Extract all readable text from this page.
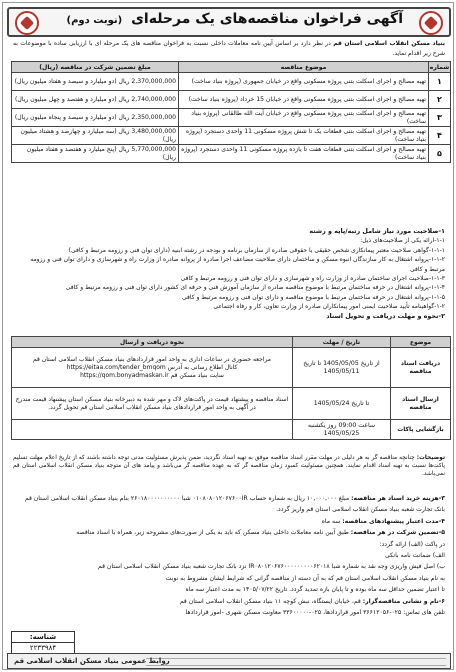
آگهی فراخوان مناقصه‌های یک مرحله‌ای (نوبت دوم)
بنیاد مسکن انقلاب اسلامی استان قم در نظر دارد بر اساس آیین نامه معاملات داخلی نسبت به فراخوان مناقصه های یک مرحله ای با ارزیابی ساده با موضوعات به شرح زیر اقدام نماید.
شماره	موضوع مناقصه	مبلغ تضمین شرکت در مناقصه (ریال)
۱	تهیه مصالح و اجرای اسکلت بتنی پروژه مسکونی واقع در خیابان جمهوری (پروژه بنیاد ساخت)	2,370,000,000 ریال (دو میلیارد و سیصد و هفتاد میلیون ریال)
۲	تهیه مصالح و اجرای اسکلت بتنی پروژه مسکونی واقع در خیابان 15 خرداد (پروژه بنیاد ساخت)	2,740,000,000 ریال (دو میلیارد و هفتصد و چهل میلیون ریال)
۳	تهیه مصالح و اجرای اسکلت بتنی پروژه مسکونی واقع در خیابان آیت الله طالقانی (پروژه بنیاد ساخت)	2,350,000,000 ریال (دو میلیارد و سیصد و پنجاه میلیون ریال)
۴	تهیه مصالح و اجرای اسکلت بتنی قطعات یک تا شش پروژه مسکونی 11 واحدی دستجرد (پروژه بنیاد ساخت)	3,480,000,000 ریال (سه میلیارد و چهارصد و هشتاد میلیون ریال)
۵	تهیه مصالح و اجرای اسکلت بتنی قطعات هفت تا یازده پروژه مسکونی 11 واحدی دستجرد (پروژه بنیاد ساخت)	5,770,000,000 ریال (پنج میلیارد و هفتصد و هفتاد میلیون ریال)
۱-صلاحیت مورد نیاز شامل رتبه/پایه و رشته
۱-۱-ارائه یکی از صلاحیت‌های ذیل:
۱-۱-۱-گواهی صلاحیت معتبر پیمانکاری شخص حقیقی یا حقوقی صادره از سازمان برنامه و بودجه در رشته ابنیه (دارای توان فنی و رزومه مرتبط و کافی)
۱-۱-۲-پروانه اشتغال به کار سازندگان انبوه مسکن و ساختمان دارای صلاحیت مضاعف اجرا صادره از پروانه صادره از وزارت راه و شهرسازی و دارای توان فنی و رزومه مرتبط و کافی
۱-۱-۳-صلاحیت اجرای ساختمان صادره از وزارت راه و شهرسازی و دارای توان فنی و رزومه مرتبط و کافی
۱-۱-۴-پروانه اشتغال در حرفه ساختمان مرتبط با موضوع مناقصه صادره از سازمان آموزش فنی و حرفه ای کشور دارای توان فنی و رزومه مرتبط و کافی
۱-۱-۵-پروانه اشتغال در حرفه ساختمان مرتبط با موضوع مناقصه و دارای توان فنی و رزومه مرتبط و کافی
۱-۲-گواهینامه تأیید صلاحیت ایمنی امور پیمانکاران صادره از وزارت تعاون، کار و رفاه اجتماعی
۲-نحوه و مهلت دریافت و تحویل اسناد
موضوع	تاریخ / مهلت	نحوه دریافت و ارسال
دریافت اسناد مناقصه	از تاریخ 1405/05/05 تا تاریخ 1405/05/11	مراجعه حضوری در ساعات اداری به واحد امور قراردادهای بنیاد مسکن انقلاب اسلامی استان قم
کانال اطلاع رسانی به آدرس https://eitaa.com/tender_bmqom
سایت بنیاد مسکن قم https://qom.bonyadmaskan.ir
ارسال اسناد مناقصه	تا تاریخ 1405/05/24	اسناد مناقصه و پیشنهاد قیمت در پاکت‌های لاک و مهر شده به دبیرخانه بنیاد مسکن استان پیشنهاد قیمت مندرج در آگهی به واحد امور قراردادهای بنیاد مسکن انقلاب اسلامی استان قم تحویل گردد.
بازگشایی پاکات	ساعت 09:00 روز یکشنبه 1405/05/25	
توضیحات: چنانچه مناقصه گر به هر دلیلی در مهلت مقرر اسناد مناقصه موفق به تهیه اسناد نگردید، ضمن پذیرش مسئولیت مدنی توجه داشته باشند که از تاریخ اعلام مهلت تسلیم پاکت‌ها نسبت به تهیه اسناد اقدام نمایند. همچنین مسئولیت کمبود زمان مناقصه گر که به عهده مناقصه گر می‌باشد و پیامد های آن متوجه بنیاد مسکن انقلاب اسلامی استان قم نمی‌باشد.
۳-هزینه خرید اسناد هر مناقصه: مبلغ ۱۰,۰۰۰,۰۰۰ ریال به شماره حساب ۰۱۰۸۰۸۰۱۲۰۶۷۶۰۰IR شبا ۲۶۰۱۸۰۰۰۰۰۰۰۰۰۰ بنام بنیاد مسکن انقلاب اسلامی استان قم
بانک تجارت شعبه بنیاد مسکن انقلاب اسلامی استان قم واریز گردد.
۴-مدت اعتبار پیشنهادهای مناقصه: سه ماه
۵-تضمین شرکت در هر مناقصه: طبق آیین نامه معاملات داخلی بنیاد مسکن که باید به یکی از صورت‌های مشروحه زیر، همراه با اسناد مناقصه
در پاکت (الف) ارائه گردد:
الف) ضمانت نامه بانکی
ب) اصل فیش واریزی وجه نقد به شماره شبا IR۰۸۰۱۲۰۶۷۶۰۰۰۰۰۰۰۰۰۶۲۰۱۸ نزد بانک تجارت شعبه بنیاد مسکن انقلاب اسلامی استان قم
به نام بنیاد مسکن انقلاب اسلامی استان قم که به آن دسته از مناقصه گرانی که شرایط ایشان مشروط به نوبت
تا اعتبار تضمین حداقل سه ماه بوده و تا پایان بازه تمدید گردد. تاریخ ۱۴۰۵/۰۷/۲۲ به مدت اعتبار سه ماه
۶-نام و نشانی مناقصه‌گزار: قم، خیابان ایستگاه، نبش کوچه ۱۱ بنیاد مسکن انقلاب اسلامی استان قم
تلفن های تماس: ۰۲۵-۳۶۶۱۲۰۵۶ امور قراردادها، ۰۲۵-۳۳۶۰۰۰۰۰ معاونت مسکن شهری -امور قراردادها
شناسه:
۲۲۳۳۹۸۴
روابط عمومی بنیاد مسکن انقلاب اسلامی قم
